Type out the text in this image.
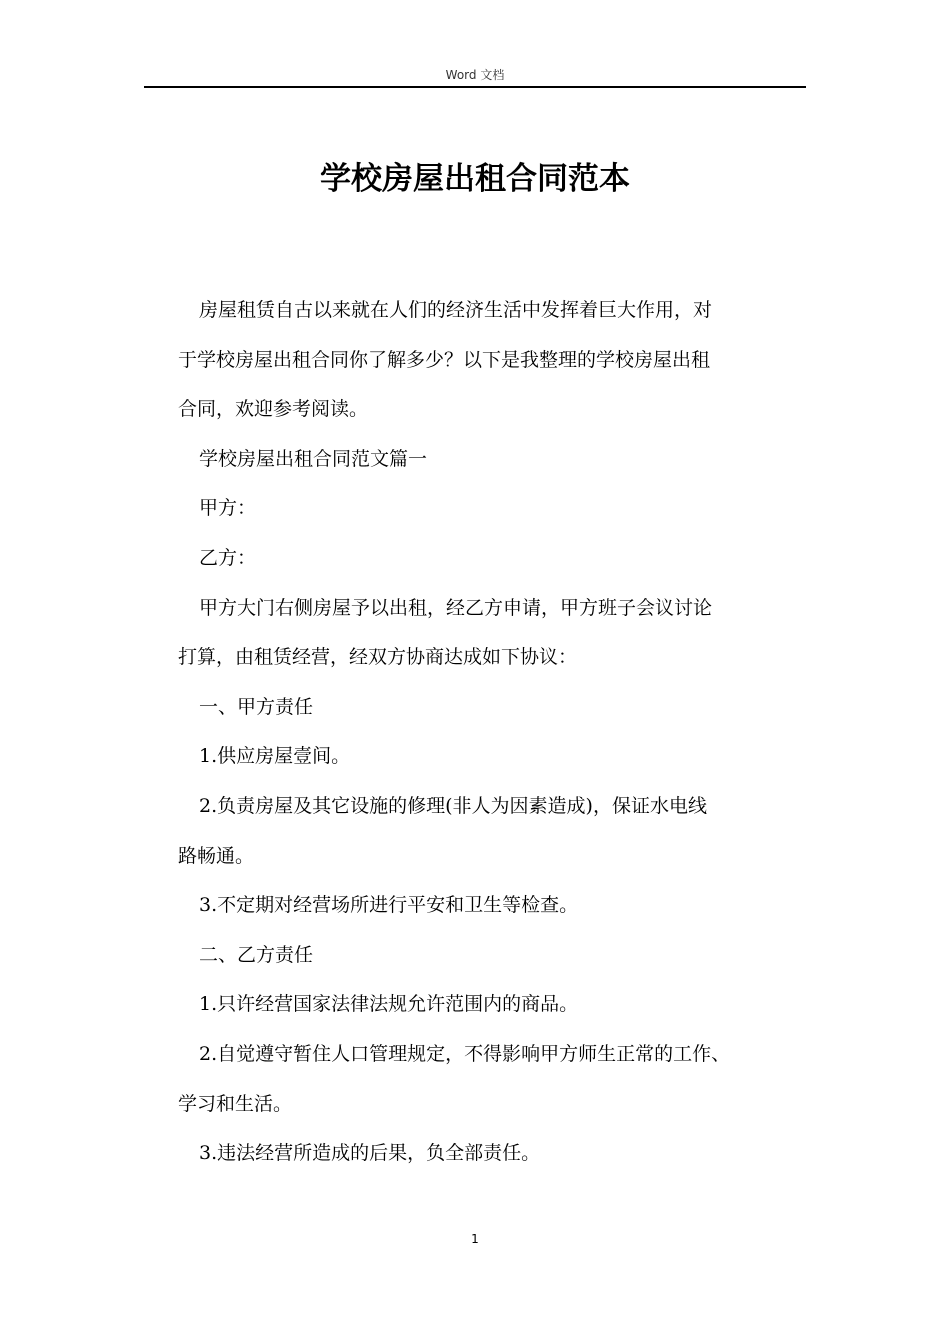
Word 文档
学校房屋出租合同范本

房屋租赁自古以来就在人们的经济生活中发挥着巨大作用，对
于学校房屋出租合同你了解多少？以下是我整理的学校房屋出租
合同，欢迎参考阅读。

学校房屋出租合同范文篇一

甲方：

乙方：

甲方大门右侧房屋予以出租，经乙方申请，甲方班子会议讨论
打算，由租赁经营，经双方协商达成如下协议：

一、甲方责任

1.供应房屋壹间。

2.负责房屋及其它设施的修理(非人为因素造成)，保证水电线
路畅通。

3.不定期对经营场所进行平安和卫生等检查。

二、乙方责任

1.只许经营国家法律法规允许范围内的商品。

2.自觉遵守暂住人口管理规定，不得影响甲方师生正常的工作、
学习和生活。

3.违法经营所造成的后果，负全部责任。

1
